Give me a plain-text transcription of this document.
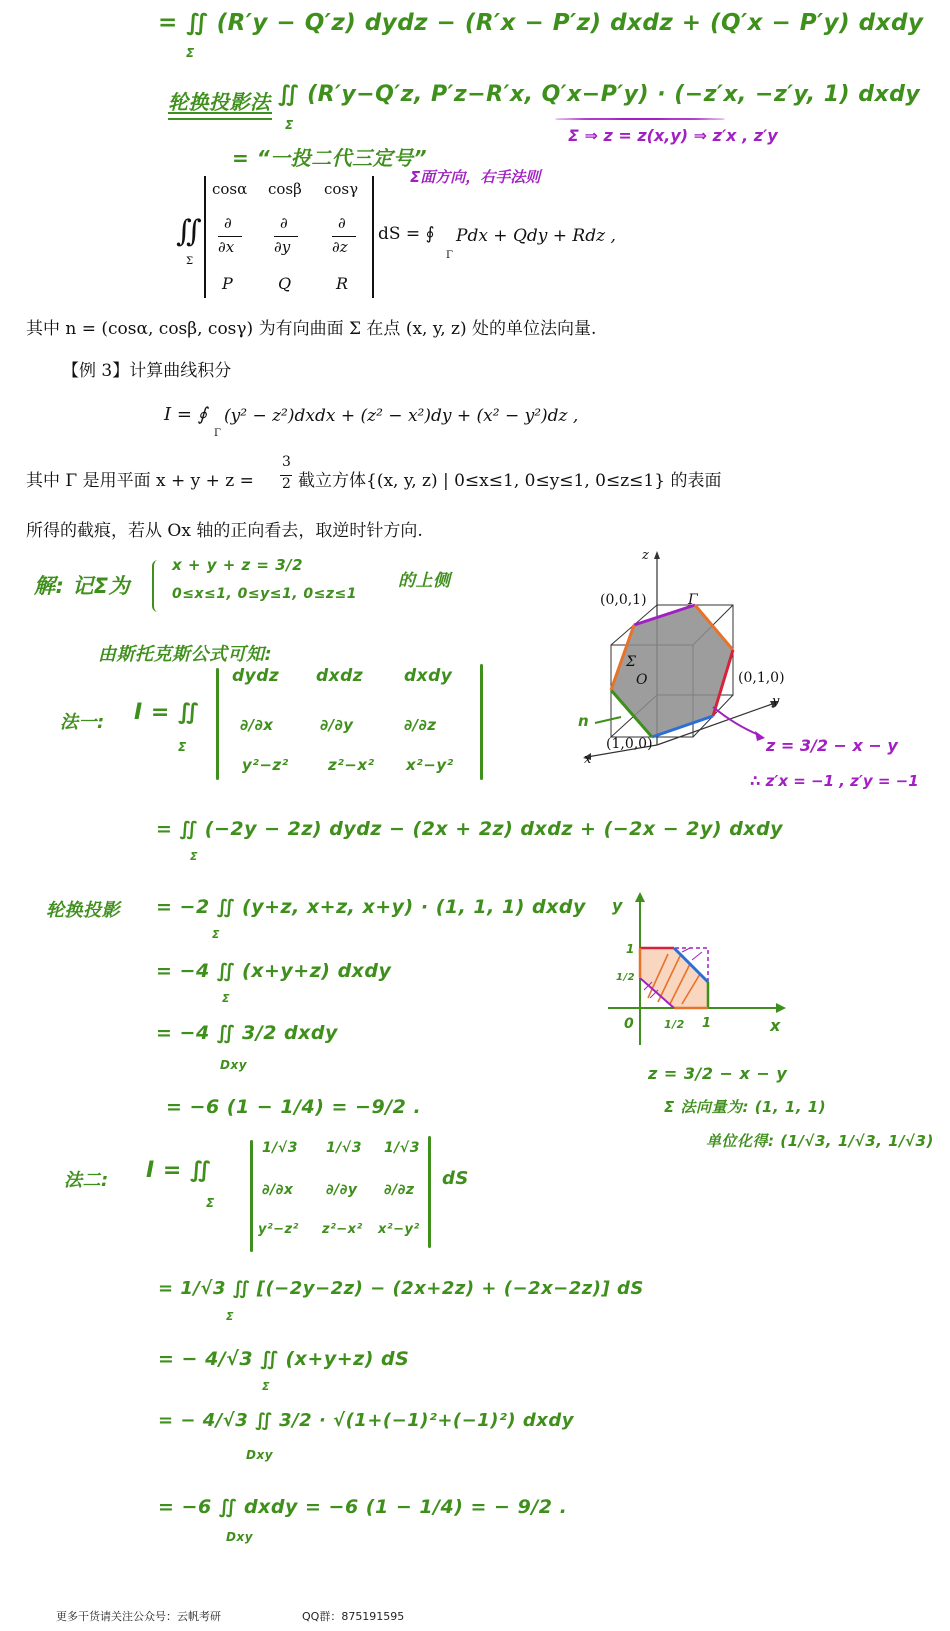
= ∬ (R′y − Q′z) dydz − (R′x − P′z) dxdz + (Q′x − P′y) dxdy
Σ
轮换投影法 ∬ (R′y−Q′z, P′z−R′x, Q′x−P′y) · (−z′x, −z′y, 1) dxdy
Σ
Σ ⇒ z = z(x,y) ⇒ z′x , z′y
= “一投二代三定号”
∬
Σ
cosα cosβ cosγ
∂	∂	∂
∂x	∂y	∂z
P	Q	R
dS = ∮
Γ
Pdx + Qdy + Rdz ,
Σ面方向，右手法则
其中 n = (cosα, cosβ, cosγ) 为有向曲面 Σ 在点 (x, y, z) 处的单位法向量.
【例 3】计算曲线积分
I = ∮
Γ
(y² − z²)dxdx + (z² − x²)dy + (x² − y²)dz ,
其中 Γ 是用平面 x + y + z =
3
2 截立方体{(x, y, z) | 0≤x≤1, 0≤y≤1, 0≤z≤1} 的表面
所得的截痕，若从 Ox 轴的正向看去，取逆时针方向.
解: 记Σ为
x + y + z = 3/2
0≤x≤1, 0≤y≤1, 0≤z≤1
的上侧
由斯托克斯公式可知:
法一: I = ∬
Σ
dydz dxdz dxdy
∂/∂x	∂/∂y	∂/∂z
y²−z²	z²−x² x²−y²
= ∬ (−2y − 2z) dydz − (2x + 2z) dxdz + (−2x − 2y) dxdy
Σ
轮换投影 = −2 ∬ (y+z, x+z, x+y) · (1, 1, 1) dxdy
Σ
= −4 ∬ (x+y+z) dxdy
Σ
= −4 ∬ 3/2 dxdy
Dxy
= −6 (1 − 1/4) = −9/2 .
法二: I = ∬
Σ
1/√3 1/√3 1/√3
∂/∂x ∂/∂y ∂/∂z
y²−z² z²−x² x²−y²
dS
= 1/√3 ∬ [(−2y−2z) − (2x+2z) + (−2x−2z)] dS
Σ
= − 4/√3 ∬ (x+y+z) dS
Σ
= − 4/√3 ∬ 3/2 · √(1+(−1)²+(−1)²) dxdy
Dxy
= −6 ∬ dxdy = −6 (1 − 1/4) = − 9/2 .
Dxy
z
y
x
(0,0,1)
(0,1,0)
(1,0,0)
Γ
Σ
O
n
z = 3/2 − x − y
∴ z′x = −1 , z′y = −1
y
x
0	1/2 1
1
1/2
z = 3/2 − x − y
Σ 法向量为: (1, 1, 1)
单位化得: (1/√3, 1/√3, 1/√3)
更多干货请关注公众号：云帆考研	QQ群：875191595
